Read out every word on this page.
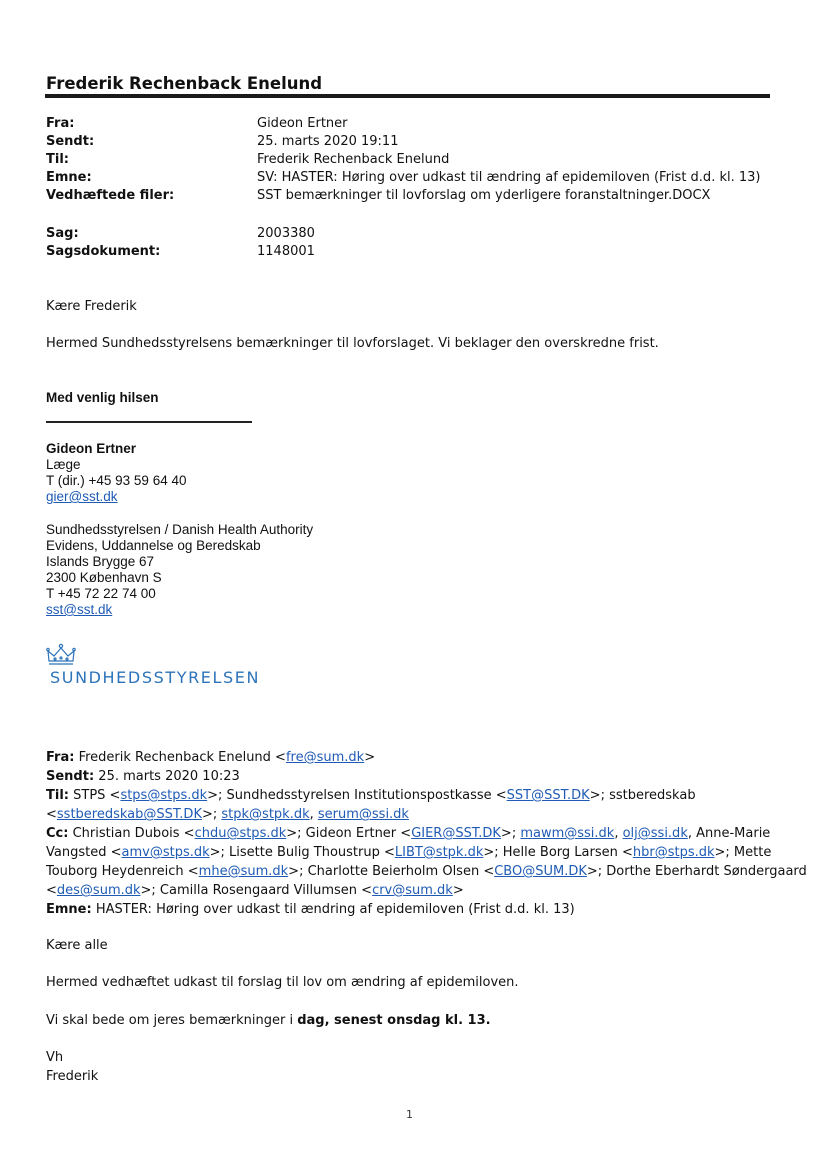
Frederik Rechenback Enelund
Fra:	Gideon Ertner
Sendt:	25. marts 2020 19:11
Til:	Frederik Rechenback Enelund
Emne:	SV: HASTER: Høring over udkast til ændring af epidemiloven (Frist d.d. kl. 13)
Vedhæftede filer:	SST bemærkninger til lovforslag om yderligere foranstaltninger.DOCX
Sag:	2003380
Sagsdokument:	1148001
Kære Frederik
Hermed Sundhedsstyrelsens bemærkninger til lovforslaget. Vi beklager den overskredne frist.
Med venlig hilsen
Gideon Ertner
Læge
T (dir.) +45 93 59 64 40
gier@sst.dk
Sundhedsstyrelsen / Danish Health Authority
Evidens, Uddannelse og Beredskab
Islands Brygge 67
2300 København S
T +45 72 22 74 00
sst@sst.dk
SUNDHEDSSTYRELSEN
Fra: Frederik Rechenback Enelund <fre@sum.dk>
Sendt: 25. marts 2020 10:23
Til: STPS <stps@stps.dk>; Sundhedsstyrelsen Institutionspostkasse <SST@SST.DK>; sstberedskab
<sstberedskab@SST.DK>; stpk@stpk.dk, serum@ssi.dk
Cc: Christian Dubois <chdu@stps.dk>; Gideon Ertner <GIER@SST.DK>; mawm@ssi.dk, olj@ssi.dk, Anne-Marie
Vangsted <amv@stps.dk>; Lisette Bulig Thoustrup <LIBT@stpk.dk>; Helle Borg Larsen <hbr@stps.dk>; Mette
Touborg Heydenreich <mhe@sum.dk>; Charlotte Beierholm Olsen <CBO@SUM.DK>; Dorthe Eberhardt Søndergaard
<des@sum.dk>; Camilla Rosengaard Villumsen <crv@sum.dk>
Emne: HASTER: Høring over udkast til ændring af epidemiloven (Frist d.d. kl. 13)
Kære alle
Hermed vedhæftet udkast til forslag til lov om ændring af epidemiloven.
Vi skal bede om jeres bemærkninger i dag, senest onsdag kl. 13.
Vh
Frederik
1
